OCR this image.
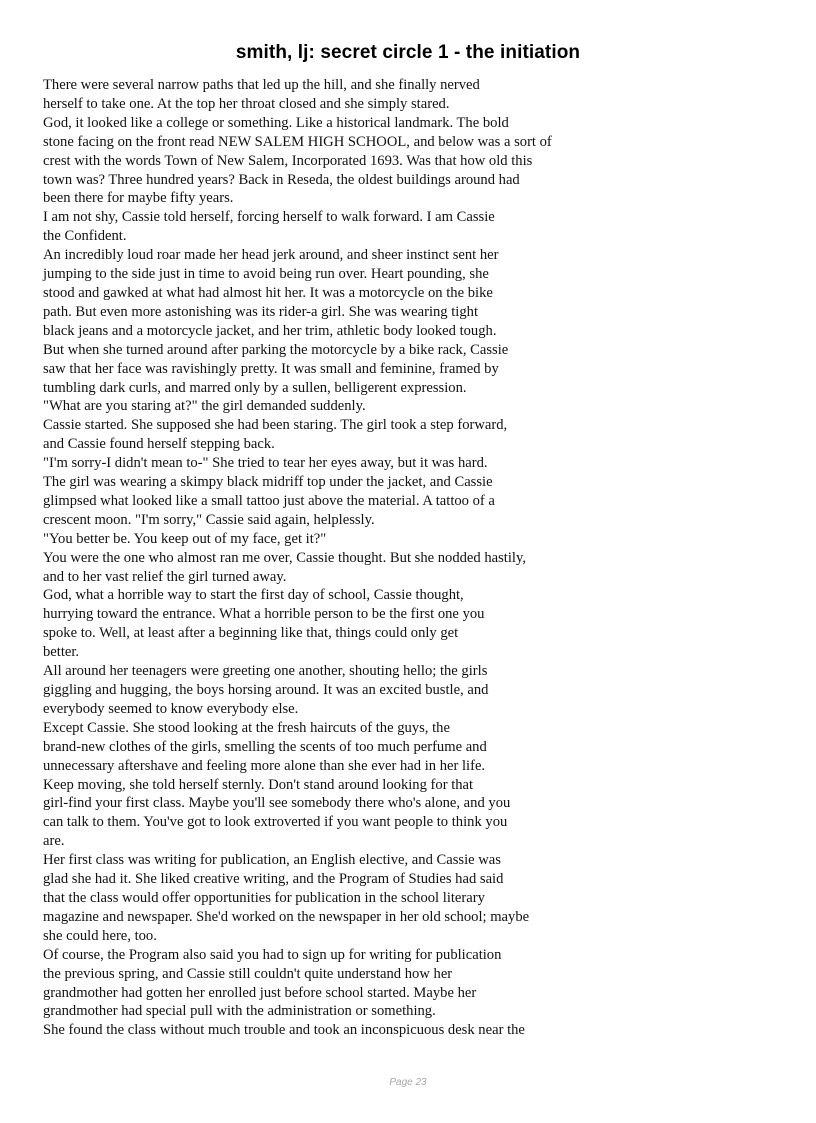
smith, lj: secret circle 1 - the initiation

There were several narrow paths that led up the hill, and she finally nerved

herself to take one. At the top her throat closed and she simply stared.

God, it looked like a college or something. Like a historical landmark. The bold

stone facing on the front read NEW SALEM HIGH SCHOOL, and below was a sort of

crest with the words Town of New Salem, Incorporated 1693. Was that how old this

town was? Three hundred years? Back in Reseda, the oldest buildings around had

been there for maybe fifty years.

I am not shy, Cassie told herself, forcing herself to walk forward. I am Cassie

the Confident.

An incredibly loud roar made her head jerk around, and sheer instinct sent her

jumping to the side just in time to avoid being run over. Heart pounding, she

stood and gawked at what had almost hit her. It was a motorcycle on the bike

path. But even more astonishing was its rider-a girl. She was wearing tight

black jeans and a motorcycle jacket, and her trim, athletic body looked tough.

But when she turned around after parking the motorcycle by a bike rack, Cassie

saw that her face was ravishingly pretty. It was small and feminine, framed by

tumbling dark curls, and marred only by a sullen, belligerent expression.

"What are you staring at?" the girl demanded suddenly.

Cassie started. She supposed she had been staring. The girl took a step forward,

and Cassie found herself stepping back.

"I'm sorry-I didn't mean to-" She tried to tear her eyes away, but it was hard.

The girl was wearing a skimpy black midriff top under the jacket, and Cassie

glimpsed what looked like a small tattoo just above the material. A tattoo of a

crescent moon. "I'm sorry," Cassie said again, helplessly.

"You better be. You keep out of my face, get it?"

You were the one who almost ran me over, Cassie thought. But she nodded hastily,

and to her vast relief the girl turned away.

God, what a horrible way to start the first day of school, Cassie thought,

hurrying toward the entrance. What a horrible person to be the first one you

spoke to. Well, at least after a beginning like that, things could only get

better.

All around her teenagers were greeting one another, shouting hello; the girls

giggling and hugging, the boys horsing around. It was an excited bustle, and

everybody seemed to know everybody else.

Except Cassie. She stood looking at the fresh haircuts of the guys, the

brand-new clothes of the girls, smelling the scents of too much perfume and

unnecessary aftershave and feeling more alone than she ever had in her life.

Keep moving, she told herself sternly. Don't stand around looking for that

girl-find your first class. Maybe you'll see somebody there who's alone, and you

can talk to them. You've got to look extroverted if you want people to think you

are.

Her first class was writing for publication, an English elective, and Cassie was

glad she had it. She liked creative writing, and the Program of Studies had said

that the class would offer opportunities for publication in the school literary

magazine and newspaper. She'd worked on the newspaper in her old school; maybe

she could here, too.

Of course, the Program also said you had to sign up for writing for publication

the previous spring, and Cassie still couldn't quite understand how her

grandmother had gotten her enrolled just before school started. Maybe her

grandmother had special pull with the administration or something.

She found the class without much trouble and took an inconspicuous desk near the

Page 23
